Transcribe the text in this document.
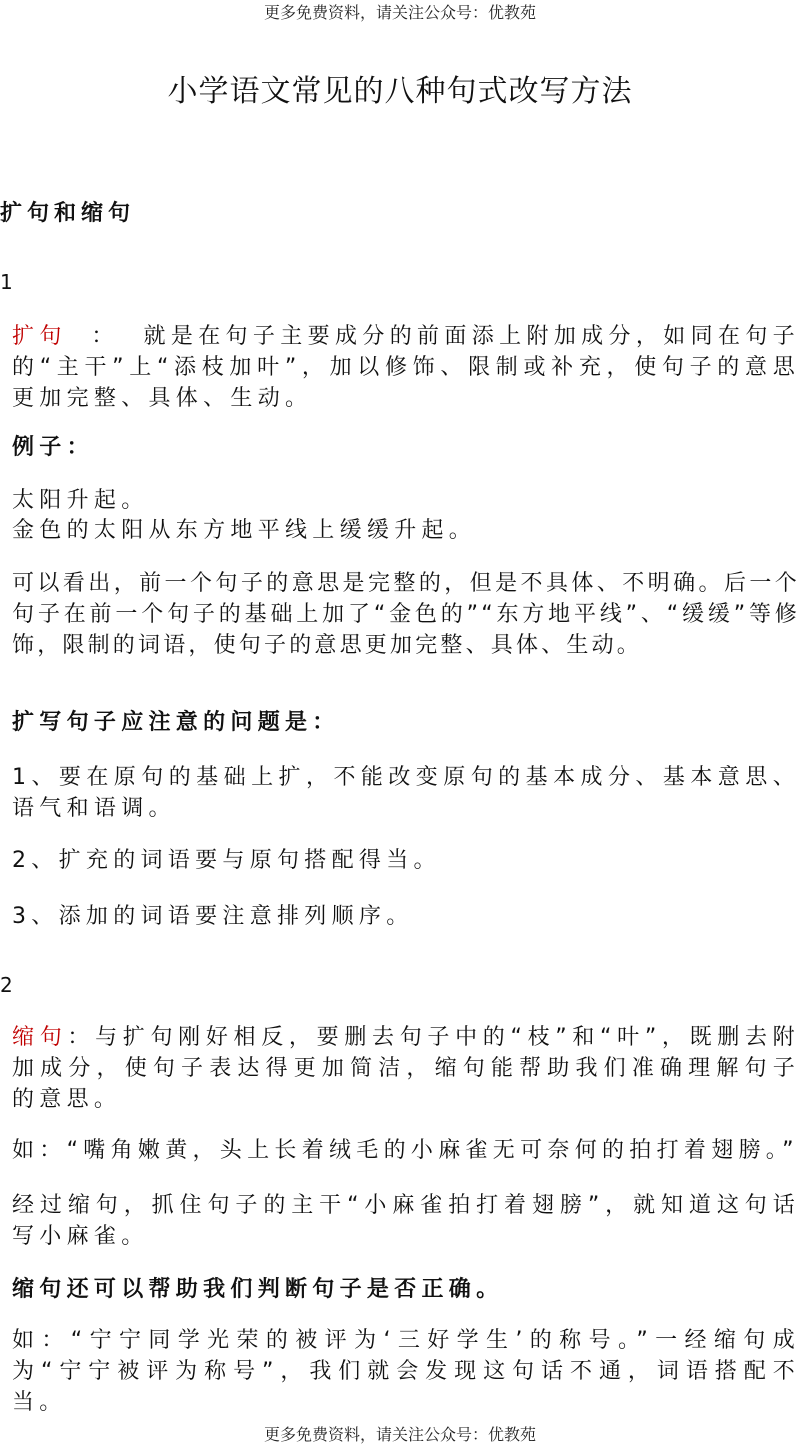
更多免费资料，请关注公众号：优教苑
小学语文常见的八种句式改写方法
扩句和缩句
1

扩句 ： 就是在句子主要成分的前面添上附加成分，如同在句子的“主干”上“添枝加叶”，加以修饰、限制或补充，使句子的意思更加完整、具体、生动。

例子：

太阳升起。

金色的太阳从东方地平线上缓缓升起。

可以看出，前一个句子的意思是完整的，但是不具体、不明确。后一个句子在前一个句子的基础上加了“金色的”“东方地平线”、“缓缓”等修饰，限制的词语，使句子的意思更加完整、具体、生动。

扩写句子应注意的问题是：

1、要在原句的基础上扩，不能改变原句的基本成分、基本意思、语气和语调。

2、扩充的词语要与原句搭配得当。

3、添加的词语要注意排列顺序。

2

缩句：与扩句刚好相反，要删去句子中的“枝”和“叶”，既删去附加成分，使句子表达得更加简洁，缩句能帮助我们准确理解句子的意思。

如：“嘴角嫩黄，头上长着绒毛的小麻雀无可奈何的拍打着翅膀。”

经过缩句，抓住句子的主干“小麻雀拍打着翅膀”，就知道这句话写小麻雀。

缩句还可以帮助我们判断句子是否正确。

如：“宁宁同学光荣的被评为‘三好学生’的称号。”一经缩句成为“宁宁被评为称号”，我们就会发现这句话不通，词语搭配不当。

更多免费资料，请关注公众号：优教苑
